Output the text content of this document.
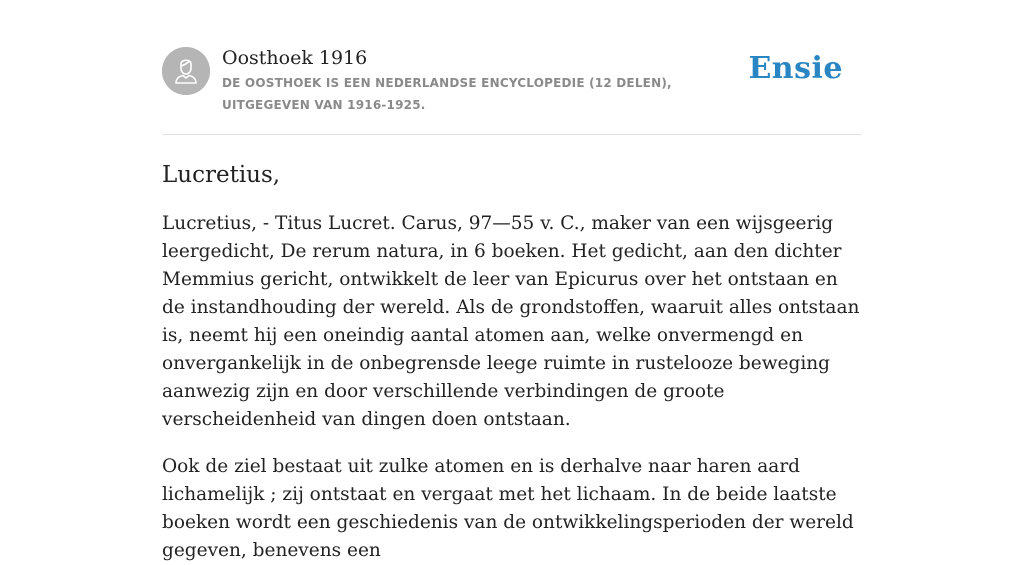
Oosthoek 1916

DE OOSTHOEK IS EEN NEDERLANDSE ENCYCLOPEDIE (12 DELEN), UITGEGEVEN VAN 1916-1925.

Ensie
Lucretius,

Lucretius, - Titus Lucret. Carus, 97—55 v. C., maker van een wijsgeerig leergedicht, De rerum natura, in 6 boeken. Het gedicht, aan den dichter Memmius gericht, ontwikkelt de leer van Epicurus over het ontstaan en de instandhouding der wereld. Als de grondstoffen, waaruit alles ontstaan is, neemt hij een oneindig aantal atomen aan, welke onvermengd en onvergankelijk in de onbegrensde leege ruimte in rustelooze beweging aanwezig zijn en door verschillende verbindingen de groote verscheidenheid van dingen doen ontstaan.

Ook de ziel bestaat uit zulke atomen en is derhalve naar haren aard lichamelijk ; zij ontstaat en vergaat met het lichaam. In de beide laatste boeken wordt een geschiedenis van de ontwikkelingsperioden der wereld gegeven, benevens een
